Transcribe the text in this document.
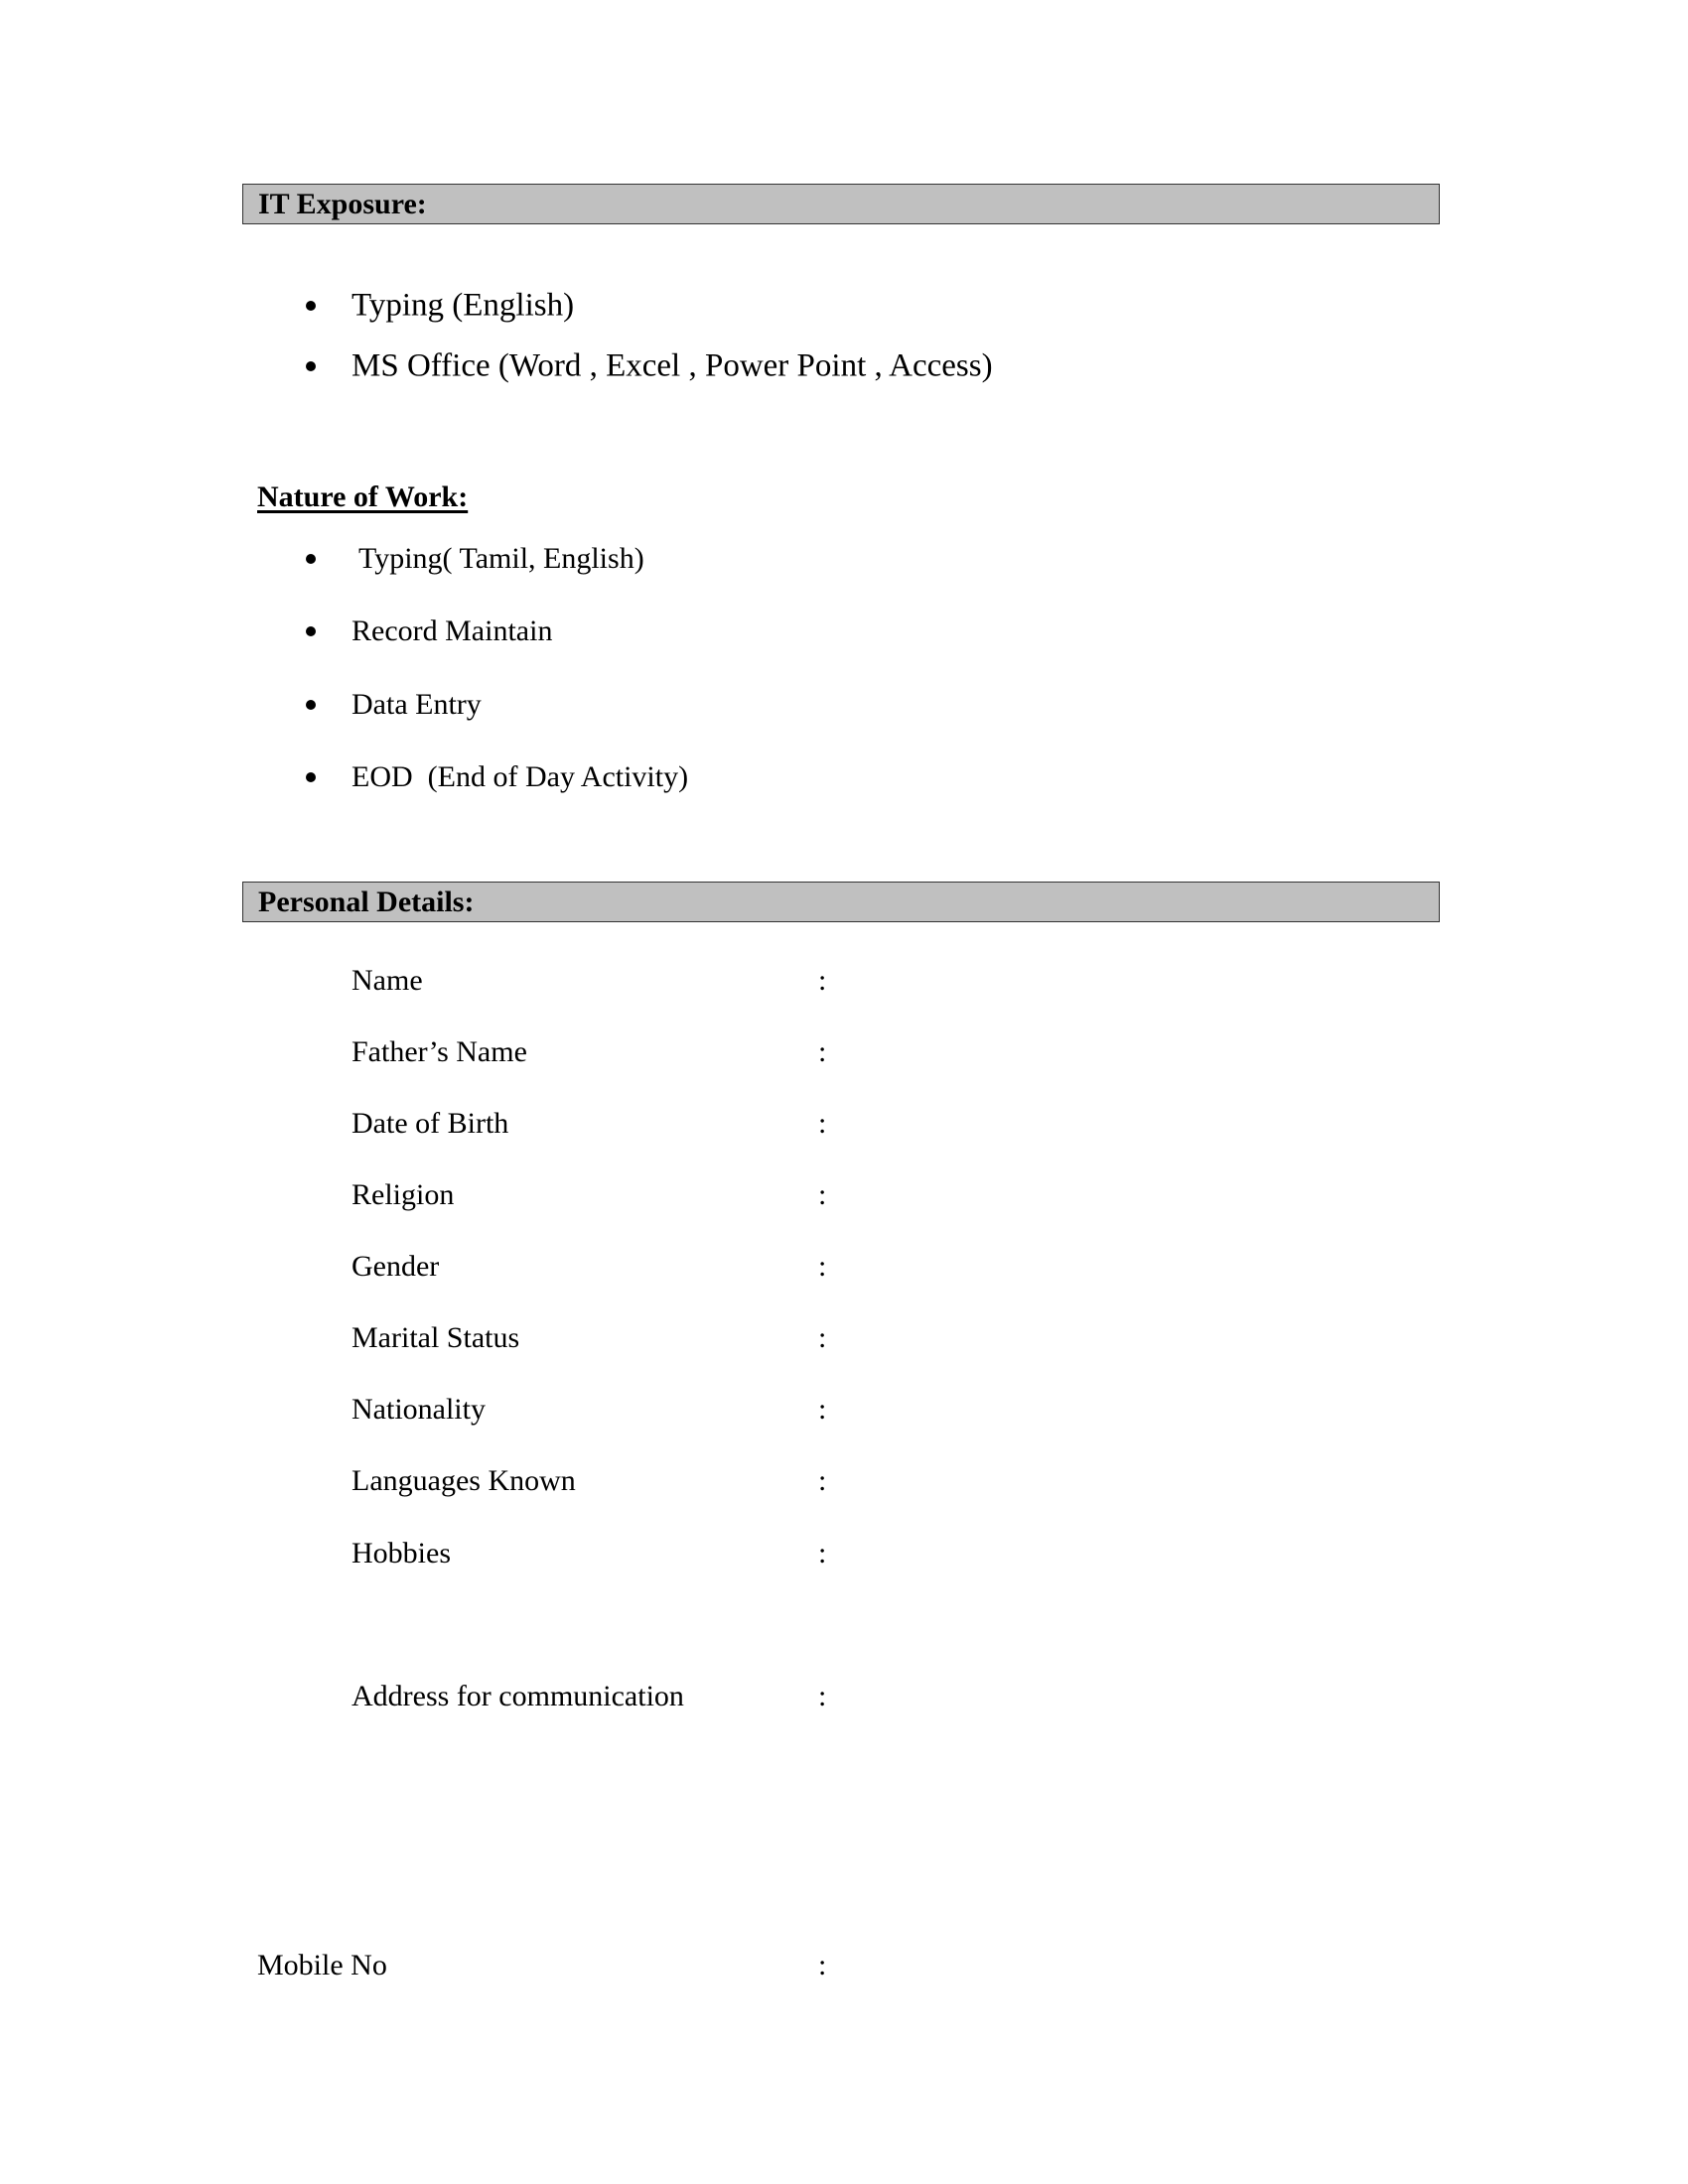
IT Exposure:
Typing (English)
MS Office (Word , Excel , Power Point , Access)
Nature of Work:
Typing( Tamil, English)
Record Maintain
Data Entry
EOD  (End of Day Activity)
Personal Details:
Name	:
Father’s Name	:
Date of Birth	:
Religion	:
Gender	:
Marital Status	:
Nationality	:
Languages Known	:
Hobbies	:
Address for communication	:
Mobile No	:
